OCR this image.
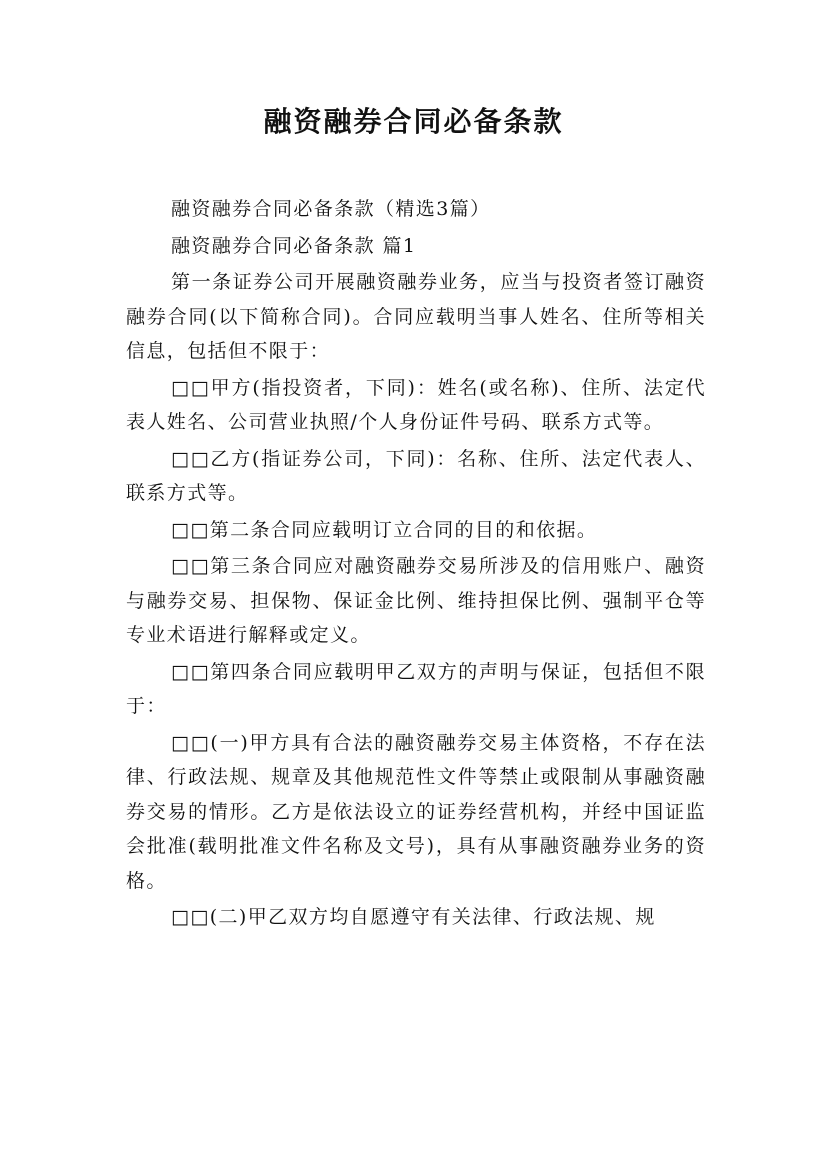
融资融券合同必备条款

融资融券合同必备条款（精选3篇）

融资融券合同必备条款 篇1

第一条证券公司开展融资融券业务，应当与投资者签订融资融券合同(以下简称合同)。合同应载明当事人姓名、住所等相关信息，包括但不限于：

□□甲方(指投资者，下同)：姓名(或名称)、住所、法定代表人姓名、公司营业执照/个人身份证件号码、联系方式等。

□□乙方(指证券公司，下同)：名称、住所、法定代表人、联系方式等。

□□第二条合同应载明订立合同的目的和依据。

□□第三条合同应对融资融券交易所涉及的信用账户、融资与融券交易、担保物、保证金比例、维持担保比例、强制平仓等专业术语进行解释或定义。

□□第四条合同应载明甲乙双方的声明与保证，包括但不限于：

□□(一)甲方具有合法的融资融券交易主体资格，不存在法律、行政法规、规章及其他规范性文件等禁止或限制从事融资融券交易的情形。乙方是依法设立的证券经营机构，并经中国证监会批准(载明批准文件名称及文号)，具有从事融资融券业务的资格。

□□(二)甲乙双方均自愿遵守有关法律、行政法规、规
